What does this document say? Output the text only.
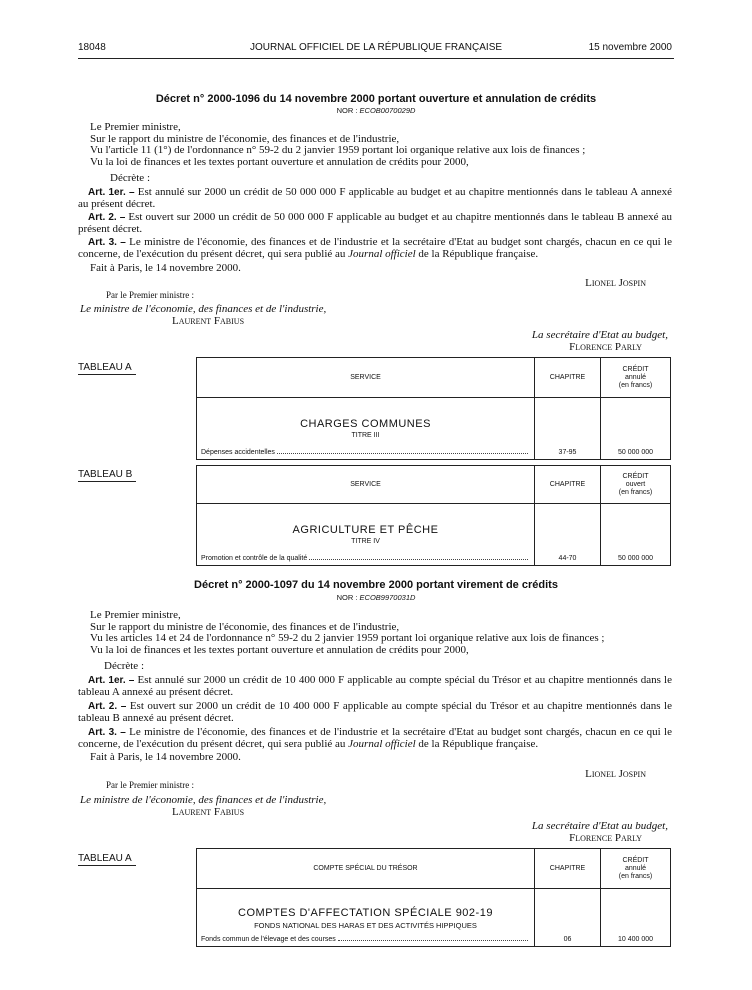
18048	JOURNAL OFFICIEL DE LA RÉPUBLIQUE FRANÇAISE	15 novembre 2000
Décret n° 2000-1096 du 14 novembre 2000 portant ouverture et annulation de crédits
NOR : ECOB0070029D
Le Premier ministre,
Sur le rapport du ministre de l'économie, des finances et de l'industrie,
Vu l'article 11 (1°) de l'ordonnance n° 59-2 du 2 janvier 1959 portant loi organique relative aux lois de finances ;
Vu la loi de finances et les textes portant ouverture et annulation de crédits pour 2000,
Décrète :
Art. 1er. – Est annulé sur 2000 un crédit de 50 000 000 F applicable au budget et au chapitre mentionnés dans le tableau A annexé au présent décret.
Art. 2. – Est ouvert sur 2000 un crédit de 50 000 000 F applicable au budget et au chapitre mentionnés dans le tableau B annexé au présent décret.
Art. 3. – Le ministre de l'économie, des finances et de l'industrie et la secrétaire d'Etat au budget sont chargés, chacun en ce qui le concerne, de l'exécution du présent décret, qui sera publié au Journal officiel de la République française.
Fait à Paris, le 14 novembre 2000.
Lionel Jospin
Par le Premier ministre :
Le ministre de l'économie, des finances et de l'industrie,
Laurent Fabius
La secrétaire d'Etat au budget,
Florence Parly
TABLEAU A
SERVICE	CHAPITRE	CRÉDIT
annulé
(en francs)

CHARGES COMMUNES
TITRE III
Dépenses accidentelles	37-95	50 000 000
TABLEAU B
SERVICE	CHAPITRE	CRÉDIT
ouvert
(en francs)

AGRICULTURE ET PÊCHE
TITRE IV
Promotion et contrôle de la qualité	44-70	50 000 000
Décret n° 2000-1097 du 14 novembre 2000 portant virement de crédits
NOR : ECOB9970031D
Le Premier ministre,
Sur le rapport du ministre de l'économie, des finances et de l'industrie,
Vu les articles 14 et 24 de l'ordonnance n° 59-2 du 2 janvier 1959 portant loi organique relative aux lois de finances ;
Vu la loi de finances et les textes portant ouverture et annulation de crédits pour 2000,
Décrète :
Art. 1er. – Est annulé sur 2000 un crédit de 10 400 000 F applicable au compte spécial du Trésor et au chapitre mentionnés dans le tableau A annexé au présent décret.
Art. 2. – Est ouvert sur 2000 un crédit de 10 400 000 F applicable au compte spécial du Trésor et au chapitre mentionnés dans le tableau B annexé au présent décret.
Art. 3. – Le ministre de l'économie, des finances et de l'industrie et la secrétaire d'Etat au budget sont chargés, chacun en ce qui le concerne, de l'exécution du présent décret, qui sera publié au Journal officiel de la République française.
Fait à Paris, le 14 novembre 2000.
Lionel Jospin
Par le Premier ministre :
Le ministre de l'économie, des finances et de l'industrie,
Laurent Fabius
La secrétaire d'Etat au budget,
Florence Parly
TABLEAU A
COMPTE SPÉCIAL DU TRÉSOR	CHAPITRE	CRÉDIT
annulé
(en francs)

COMPTES D'AFFECTATION SPÉCIALE 902-19
FONDS NATIONAL DES HARAS ET DES ACTIVITÉS HIPPIQUES
Fonds commun de l'élevage et des courses	06	10 400 000
